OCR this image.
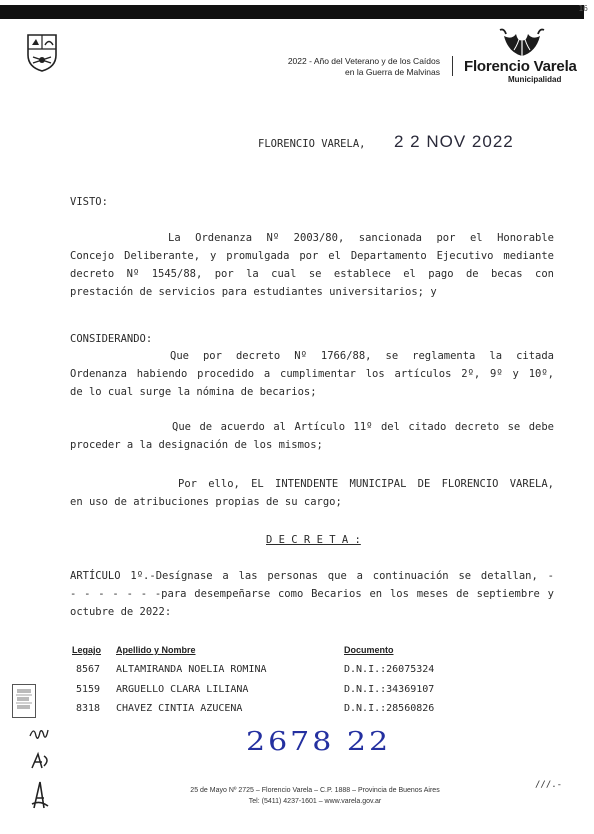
16
2022 - Año del Veterano y de los Caídos
en la Guerra de Malvinas Florencio Varela
Municipalidad
FLORENCIO VARELA, 2 2 NOV 2022
VISTO:
La Ordenanza Nº 2003/80, sancionada por el Honorable
Concejo Deliberante, y promulgada por el Departamento Ejecutivo mediante
decreto Nº 1545/88, por la cual se establece el pago de becas con
prestación de servicios para estudiantes universitarios; y
CONSIDERANDO:
Que por decreto Nº 1766/88, se reglamenta la citada
Ordenanza habiendo procedido a cumplimentar los artículos 2º, 9º y 10º,
de lo cual surge la nómina de becarios;
Que de acuerdo al Artículo 11º del citado decreto se debe
proceder a la designación de los mismos;
Por ello, EL INTENDENTE MUNICIPAL DE FLORENCIO VARELA,
en uso de atribuciones propias de su cargo;
D E C R E T A :
ARTÍCULO 1º.-Desígnase a las personas que a continuación se detallan, -
- - - - - - -para desempeñarse como Becarios en los meses de septiembre y
octubre de 2022:
Legajo Apellido y Nombre	Documento
8567 ALTAMIRANDA NOELIA ROMINA	D.N.I.:26075324
5159 ARGUELLO CLARA LILIANA	D.N.I.:34369107
8318 CHAVEZ CINTIA AZUCENA	D.N.I.:28560826
2678 22
25 de Mayo Nº 2725 – Florencio Varela – C.P. 1888 – Provincia de Buenos Aires
Tel: (5411) 4237-1601 – www.varela.gov.ar
///.-
